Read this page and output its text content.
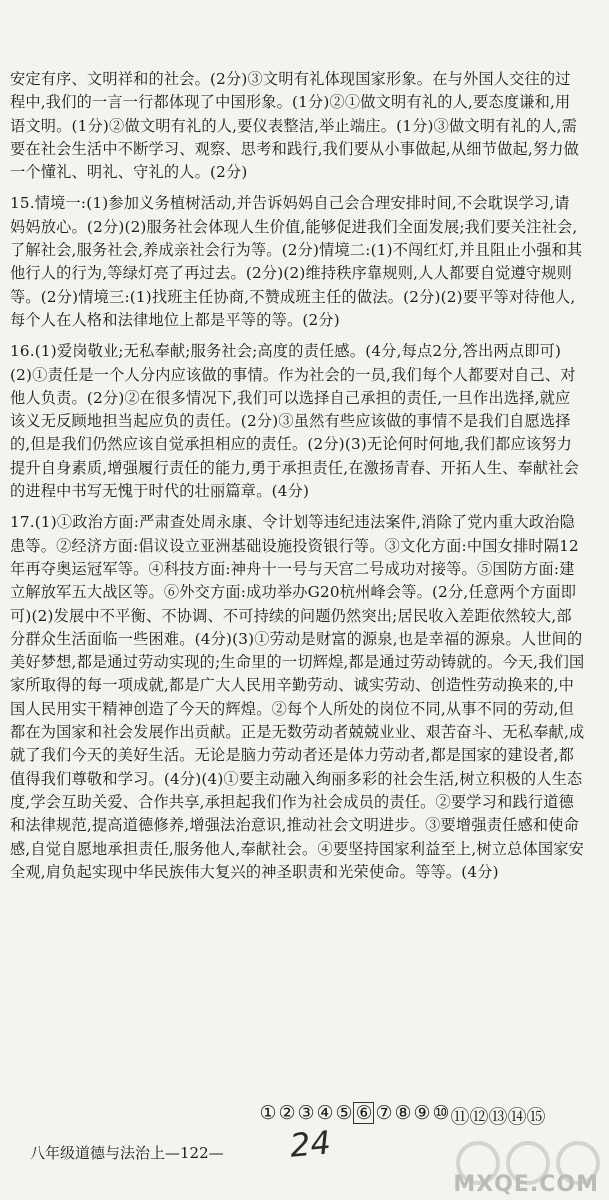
安定有序、文明祥和的社会。(2分)③文明有礼体现国家形象。在与外国人交往的过程中,我们的一言一行都体现了中国形象。(1分)②①做文明有礼的人,要态度谦和,用语文明。(1分)②做文明有礼的人,要仪表整洁,举止端庄。(1分)③做文明有礼的人,需要在社会生活中不断学习、观察、思考和践行,我们要从小事做起,从细节做起,努力做一个懂礼、明礼、守礼的人。(2分)

15.情境一:(1)参加义务植树活动,并告诉妈妈自己会合理安排时间,不会耽误学习,请妈妈放心。(2分)(2)服务社会体现人生价值,能够促进我们全面发展;我们要关注社会,了解社会,服务社会,养成亲社会行为等。(2分)情境二:(1)不闯红灯,并且阻止小强和其他行人的行为,等绿灯亮了再过去。(2分)(2)维持秩序靠规则,人人都要自觉遵守规则等。(2分)情境三:(1)找班主任协商,不赞成班主任的做法。(2分)(2)要平等对待他人,每个人在人格和法律地位上都是平等的等。(2分)

16.(1)爱岗敬业;无私奉献;服务社会;高度的责任感。(4分,每点2分,答出两点即可)(2)①责任是一个人分内应该做的事情。作为社会的一员,我们每个人都要对自己、对他人负责。(2分)②在很多情况下,我们可以选择自己承担的责任,一旦作出选择,就应该义无反顾地担当起应负的责任。(2分)③虽然有些应该做的事情不是我们自愿选择的,但是我们仍然应该自觉承担相应的责任。(2分)(3)无论何时何地,我们都应该努力提升自身素质,增强履行责任的能力,勇于承担责任,在激扬青春、开拓人生、奉献社会的进程中书写无愧于时代的壮丽篇章。(4分)

17.(1)①政治方面:严肃查处周永康、令计划等违纪违法案件,消除了党内重大政治隐患等。②经济方面:倡议设立亚洲基础设施投资银行等。③文化方面:中国女排时隔12年再夺奥运冠军等。④科技方面:神舟十一号与天宫二号成功对接等。⑤国防方面:建立解放军五大战区等。⑥外交方面:成功举办G20杭州峰会等。(2分,任意两个方面即可)(2)发展中不平衡、不协调、不可持续的问题仍然突出;居民收入差距依然较大,部分群众生活面临一些困难。(4分)(3)①劳动是财富的源泉,也是幸福的源泉。人世间的美好梦想,都是通过劳动实现的;生命里的一切辉煌,都是通过劳动铸就的。今天,我们国家所取得的每一项成就,都是广大人民用辛勤劳动、诚实劳动、创造性劳动换来的,中国人民用实干精神创造了今天的辉煌。②每个人所处的岗位不同,从事不同的劳动,但都在为国家和社会发展作出贡献。正是无数劳动者兢兢业业、艰苦奋斗、无私奉献,成就了我们今天的美好生活。无论是脑力劳动者还是体力劳动者,都是国家的建设者,都值得我们尊敬和学习。(4分)(4)①要主动融入绚丽多彩的社会生活,树立积极的人生态度,学会互助关爱、合作共享,承担起我们作为社会成员的责任。②要学习和践行道德和法律规范,提高道德修养,增强法治意识,推动社会文明进步。③要增强责任感和使命感,自觉自愿地承担责任,服务他人,奉献社会。④要坚持国家利益至上,树立总体国家安全观,肩负起实现中华民族伟大复兴的神圣职责和光荣使命。等等。(4分)

① ② ③ ④ ⑤ ⑥ ⑦ ⑧ ⑨ ⑩ ⑪ ⑫ ⑬ ⑭ ⑮
八年级道德与法治上—122— 24
MXQE.COM
